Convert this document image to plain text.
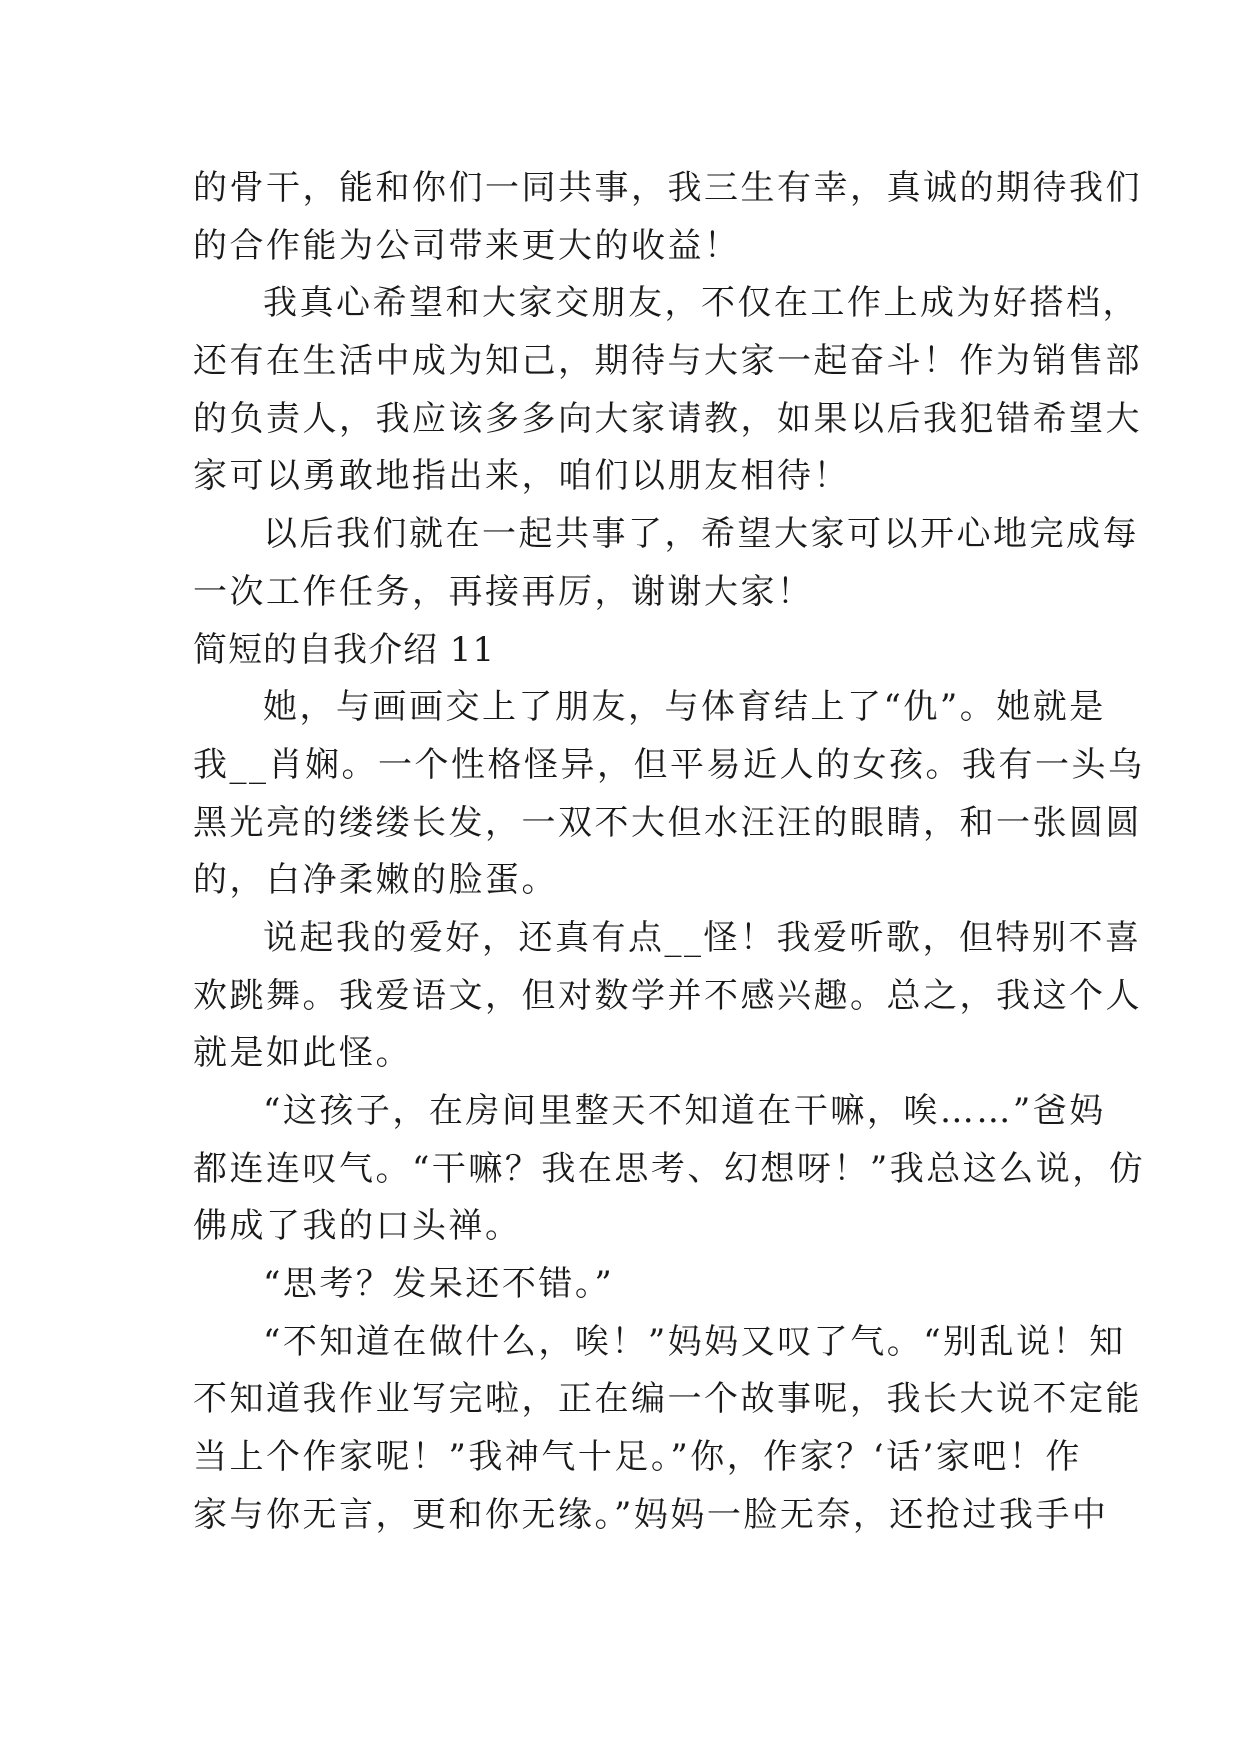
的骨干，能和你们一同共事，我三生有幸，真诚的期待我们
的合作能为公司带来更大的收益！
我真心希望和大家交朋友，不仅在工作上成为好搭档，
还有在生活中成为知己，期待与大家一起奋斗！作为销售部
的负责人，我应该多多向大家请教，如果以后我犯错希望大
家可以勇敢地指出来，咱们以朋友相待！
以后我们就在一起共事了，希望大家可以开心地完成每
一次工作任务，再接再厉，谢谢大家！
简短的自我介绍 11
她，与画画交上了朋友，与体育结上了“仇”。她就是
我__肖娴。一个性格怪异，但平易近人的女孩。我有一头乌
黑光亮的缕缕长发，一双不大但水汪汪的眼睛，和一张圆圆
的，白净柔嫩的脸蛋。
说起我的爱好，还真有点__怪！我爱听歌，但特别不喜
欢跳舞。我爱语文，但对数学并不感兴趣。总之，我这个人
就是如此怪。
“这孩子，在房间里整天不知道在干嘛，唉……”爸妈
都连连叹气。“干嘛？我在思考、幻想呀！”我总这么说，仿
佛成了我的口头禅。
“思考？发呆还不错。”
“不知道在做什么，唉！”妈妈又叹了气。“别乱说！知
不知道我作业写完啦，正在编一个故事呢，我长大说不定能
当上个作家呢！”我神气十足。”你，作家？‘话’家吧！作
家与你无言，更和你无缘。”妈妈一脸无奈，还抢过我手中
